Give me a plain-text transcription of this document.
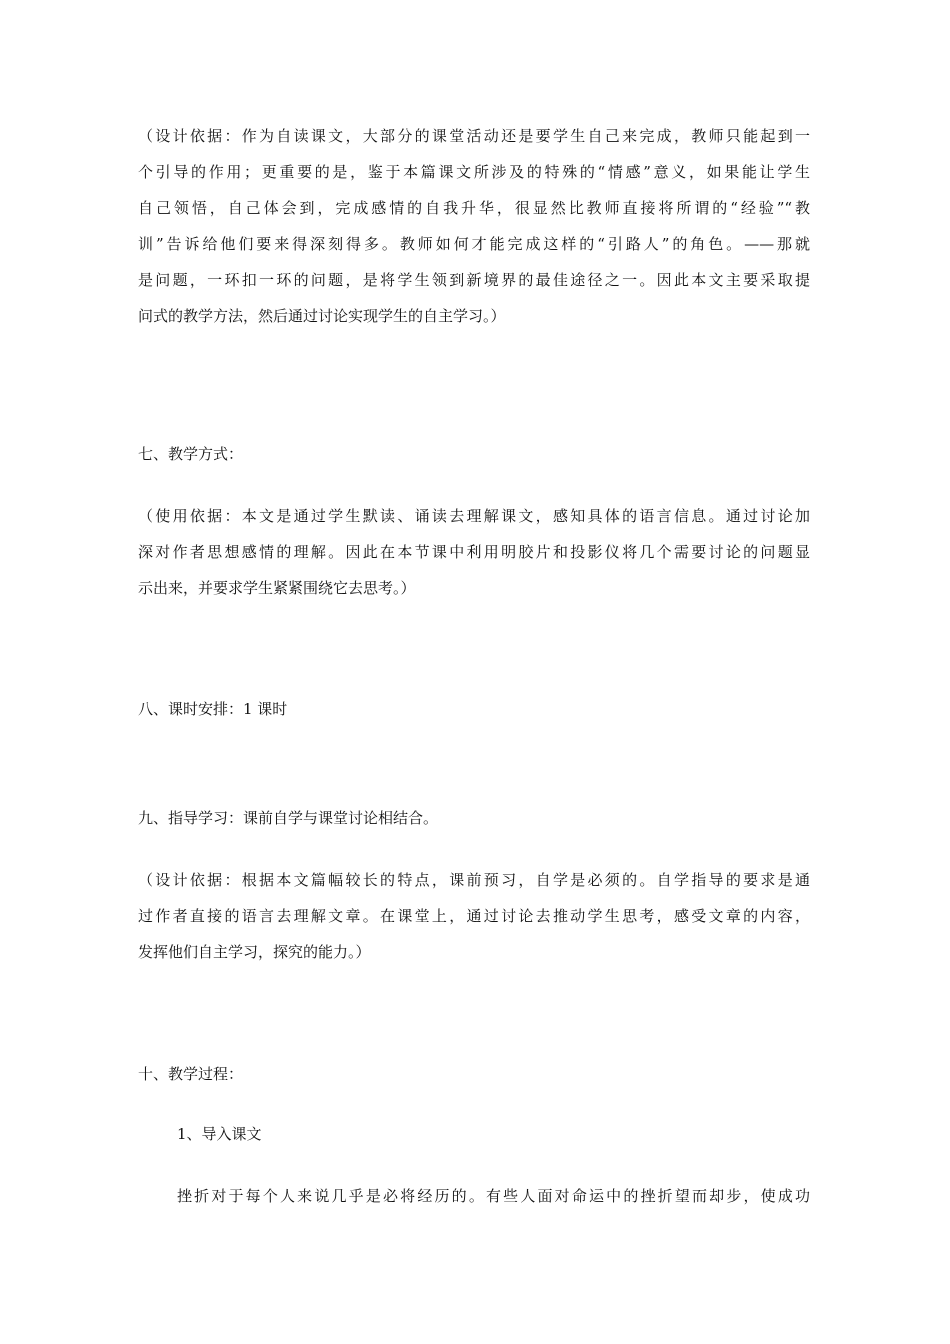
（设计依据：作为自读课文，大部分的课堂活动还是要学生自己来完成，教师只能起到一
个引导的作用；更重要的是，鉴于本篇课文所涉及的特殊的“情感”意义，如果能让学生
自己领悟，自己体会到，完成感情的自我升华，很显然比教师直接将所谓的“经验”“教
训”告诉给他们要来得深刻得多。教师如何才能完成这样的“引路人”的角色。——那就
是问题，一环扣一环的问题，是将学生领到新境界的最佳途径之一。因此本文主要采取提
问式的教学方法，然后通过讨论实现学生的自主学习。）

七、教学方式：

（使用依据：本文是通过学生默读、诵读去理解课文，感知具体的语言信息。通过讨论加
深对作者思想感情的理解。因此在本节课中利用明胶片和投影仪将几个需要讨论的问题显
示出来，并要求学生紧紧围绕它去思考。）

八、课时安排：1 课时

九、指导学习：课前自学与课堂讨论相结合。

（设计依据：根据本文篇幅较长的特点，课前预习，自学是必须的。自学指导的要求是通
过作者直接的语言去理解文章。在课堂上，通过讨论去推动学生思考，感受文章的内容，
发挥他们自主学习，探究的能力。）

十、教学过程：

1、导入课文

挫折对于每个人来说几乎是必将经历的。有些人面对命运中的挫折望而却步，使成功
